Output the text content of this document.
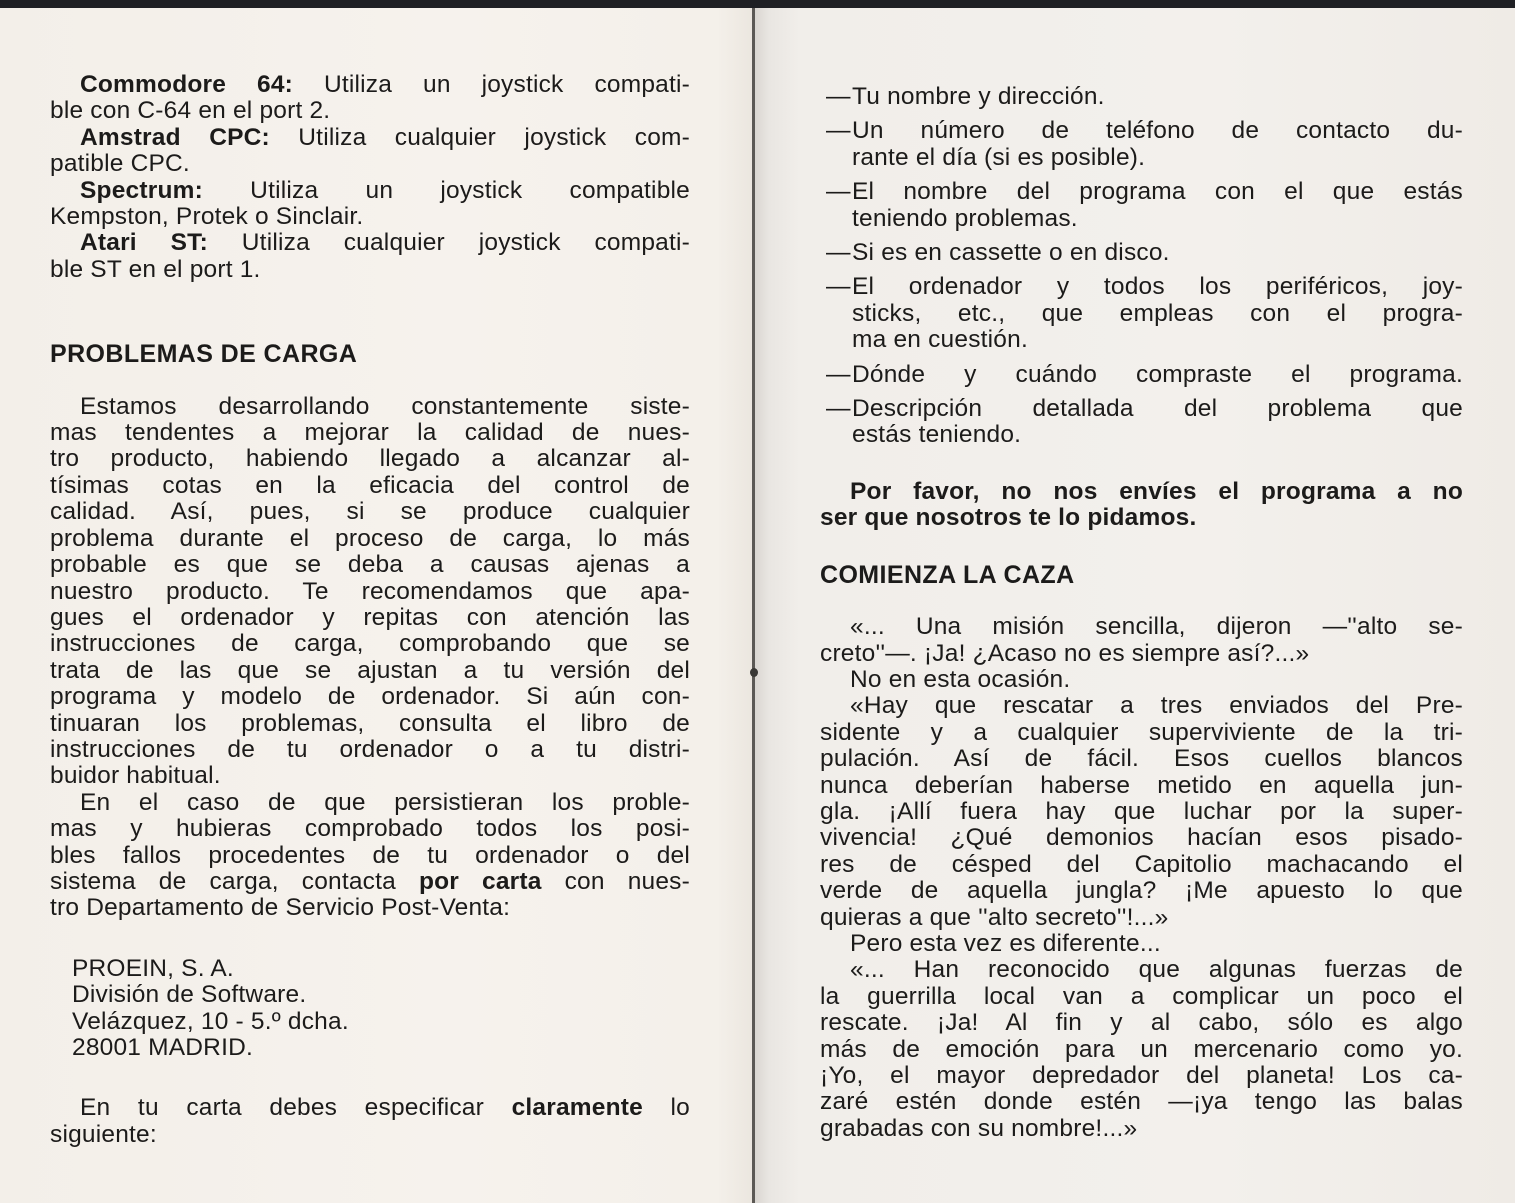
Commodore 64: Utiliza un joystick compati-
ble con C-64 en el port 2.
Amstrad CPC: Utiliza cualquier joystick com-
patible CPC.
Spectrum: Utiliza un joystick compatible
Kempston, Protek o Sinclair.
Atari ST: Utiliza cualquier joystick compati-
ble ST en el port 1.
PROBLEMAS DE CARGA
Estamos desarrollando constantemente siste-
mas tendentes a mejorar la calidad de nues-
tro producto, habiendo llegado a alcanzar al-
tísimas cotas en la eficacia del control de
calidad. Así, pues, si se produce cualquier
problema durante el proceso de carga, lo más
probable es que se deba a causas ajenas a
nuestro producto. Te recomendamos que apa-
gues el ordenador y repitas con atención las
instrucciones de carga, comprobando que se
trata de las que se ajustan a tu versión del
programa y modelo de ordenador. Si aún con-
tinuaran los problemas, consulta el libro de
instrucciones de tu ordenador o a tu distri-
buidor habitual.
En el caso de que persistieran los proble-
mas y hubieras comprobado todos los posi-
bles fallos procedentes de tu ordenador o del
sistema de carga, contacta por carta con nues-
tro Departamento de Servicio Post-Venta:
PROEIN, S. A.
División de Software.
Velázquez, 10 - 5.º dcha.
28001 MADRID.
En tu carta debes especificar claramente lo
siguiente:
— Tu nombre y dirección.
— Un número de teléfono de contacto du-
rante el día (si es posible).
— El nombre del programa con el que estás
teniendo problemas.
— Si es en cassette o en disco.
— El ordenador y todos los periféricos, joy-
sticks, etc., que empleas con el progra-
ma en cuestión.
— Dónde y cuándo compraste el programa.
— Descripción detallada del problema que
estás teniendo.
Por favor, no nos envíes el programa a no
ser que nosotros te lo pidamos.
COMIENZA LA CAZA
«... Una misión sencilla, dijeron —''alto se-
creto''—. ¡Ja! ¿Acaso no es siempre así?...»
No en esta ocasión.
«Hay que rescatar a tres enviados del Pre-
sidente y a cualquier superviviente de la tri-
pulación. Así de fácil. Esos cuellos blancos
nunca deberían haberse metido en aquella jun-
gla. ¡Allí fuera hay que luchar por la super-
vivencia! ¿Qué demonios hacían esos pisado-
res de césped del Capitolio machacando el
verde de aquella jungla? ¡Me apuesto lo que
quieras a que ''alto secreto''!...»
Pero esta vez es diferente...
«... Han reconocido que algunas fuerzas de
la guerrilla local van a complicar un poco el
rescate. ¡Ja! Al fin y al cabo, sólo es algo
más de emoción para un mercenario como yo.
¡Yo, el mayor depredador del planeta! Los ca-
zaré estén donde estén —¡ya tengo las balas
grabadas con su nombre!...»
